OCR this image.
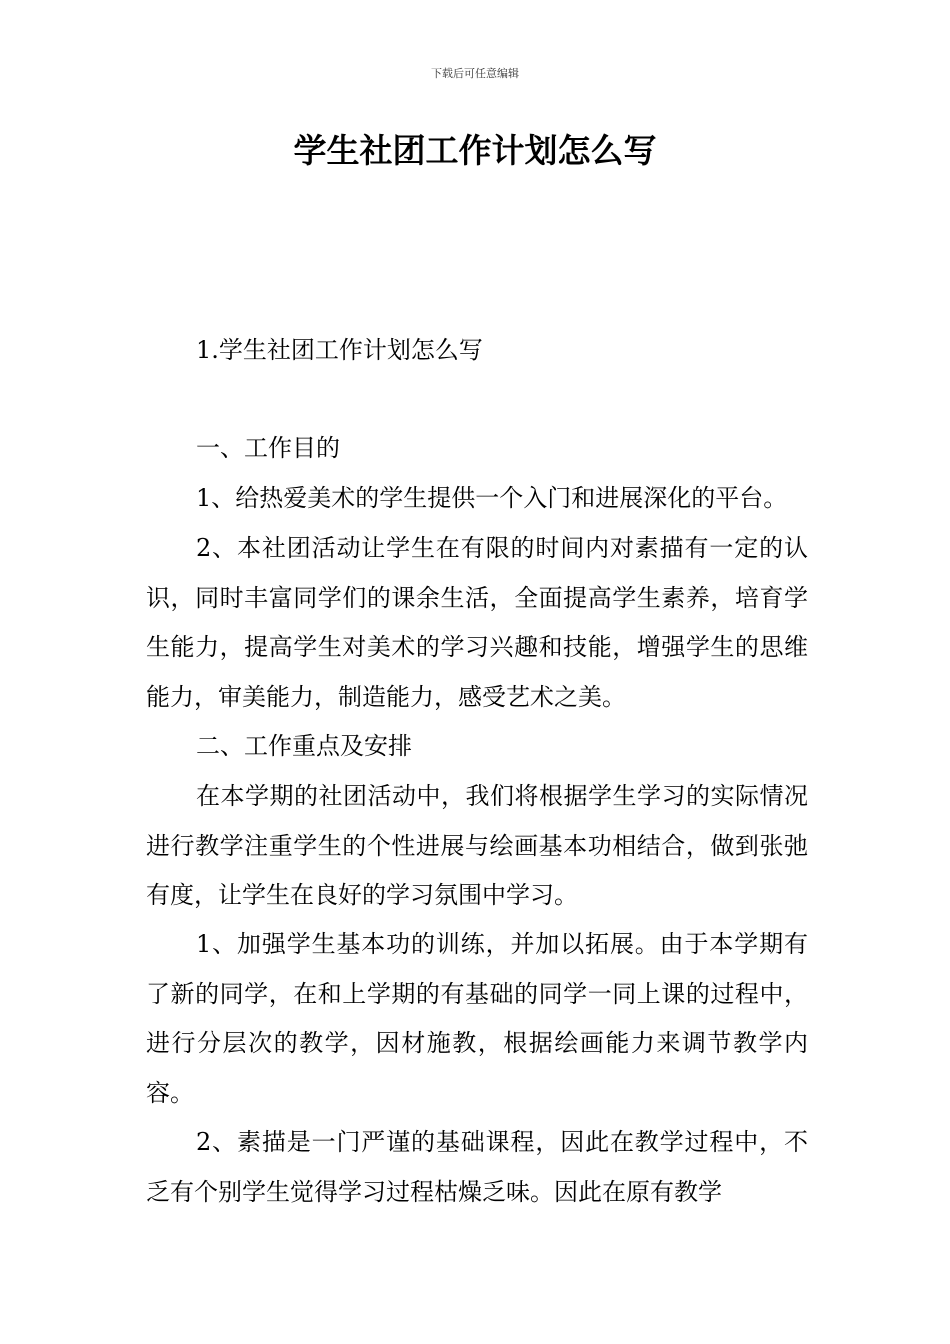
下载后可任意编辑
学生社团工作计划怎么写

1.学生社团工作计划怎么写

一、工作目的

1、给热爱美术的学生提供一个入门和进展深化的平台。

2、本社团活动让学生在有限的时间内对素描有一定的认识，同时丰富同学们的课余生活，全面提高学生素养，培育学生能力，提高学生对美术的学习兴趣和技能，增强学生的思维能力，审美能力，制造能力，感受艺术之美。

二、工作重点及安排

在本学期的社团活动中，我们将根据学生学习的实际情况进行教学注重学生的个性进展与绘画基本功相结合，做到张弛有度，让学生在良好的学习氛围中学习。

1、加强学生基本功的训练，并加以拓展。由于本学期有了新的同学，在和上学期的有基础的同学一同上课的过程中，进行分层次的教学，因材施教，根据绘画能力来调节教学内容。

2、素描是一门严谨的基础课程，因此在教学过程中，不乏有个别学生觉得学习过程枯燥乏味。因此在原有教学
